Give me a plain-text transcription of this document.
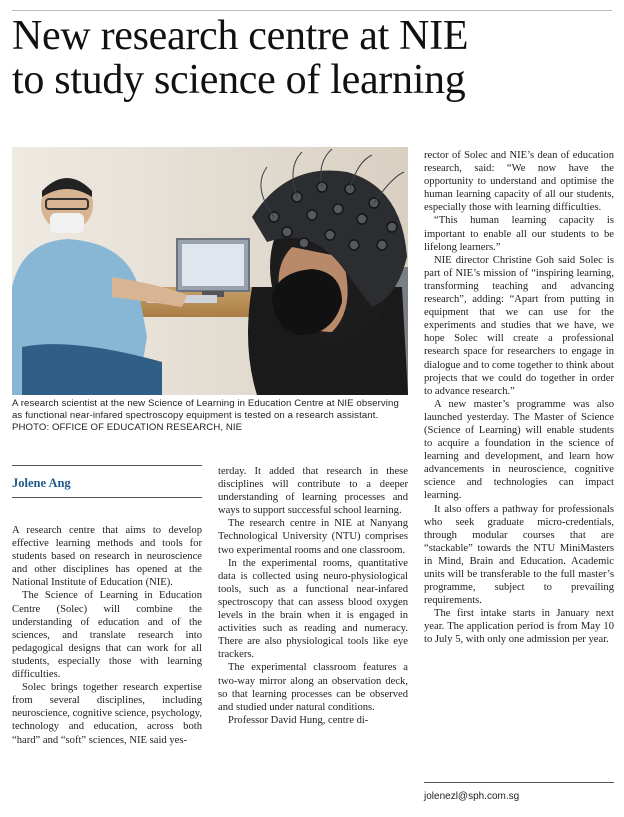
New research centre at NIE
to study science of learning
A research scientist at the new Science of Learning in Education Centre at NIE observing as functional near-infared spectroscopy equipment is tested on a research assistant. PHOTO: OFFICE OF EDUCATION RESEARCH, NIE
Jolene Ang

A research centre that aims to develop effective learning methods and tools for students based on research in neuroscience and other disciplines has opened at the National Institute of Education (NIE).

The Science of Learning in Education Centre (Solec) will combine the understanding of education and of the sciences, and translate research into pedagogical designs that can work for all students, especially those with learning difficulties.

Solec brings together research expertise from several disciplines, including neuroscience, cognitive science, psychology, technology and education, across both “hard” and “soft” sciences, NIE said yes-

terday. It added that research in these disciplines will contribute to a deeper understanding of learning processes and ways to support successful school learning.

The research centre in NIE at Nanyang Technological University (NTU) comprises two experimental rooms and one classroom.

In the experimental rooms, quantitative data is collected using neuro-physiological tools, such as a functional near-infared spectroscopy that can assess blood oxygen levels in the brain when it is engaged in activities such as reading and numeracy. There are also physiological tools like eye trackers.

The experimental classroom features a two-way mirror along an observation deck, so that learning processes can be observed and studied under natural conditions.

Professor David Hung, centre di-

rector of Solec and NIE’s dean of education research, said: “We now have the opportunity to understand and optimise the human learning capacity of all our students, especially those with learning difficulties.

“This human learning capacity is important to enable all our students to be lifelong learners.”

NIE director Christine Goh said Solec is part of NIE’s mission of “inspiring learning, transforming teaching and advancing research”, adding: “Apart from putting in equipment that we can use for the experiments and studies that we have, we hope Solec will create a professional research space for researchers to engage in dialogue and to come together to think about projects that we could do together in order to advance research.”

A new master’s programme was also launched yesterday. The Master of Science (Science of Learning) will enable students to acquire a foundation in the science of learning and development, and learn how advancements in neuroscience, cognitive science and technologies can impact learning.

It also offers a pathway for professionals who seek graduate micro-credentials, through modular courses that are “stackable” towards the NTU MiniMasters in Mind, Brain and Education. Academic units will be transferable to the full master’s programme, subject to prevailing requirements.

The first intake starts in January next year. The application period is from May 10 to July 5, with only one admission per year.

jolenezl@sph.com.sg
